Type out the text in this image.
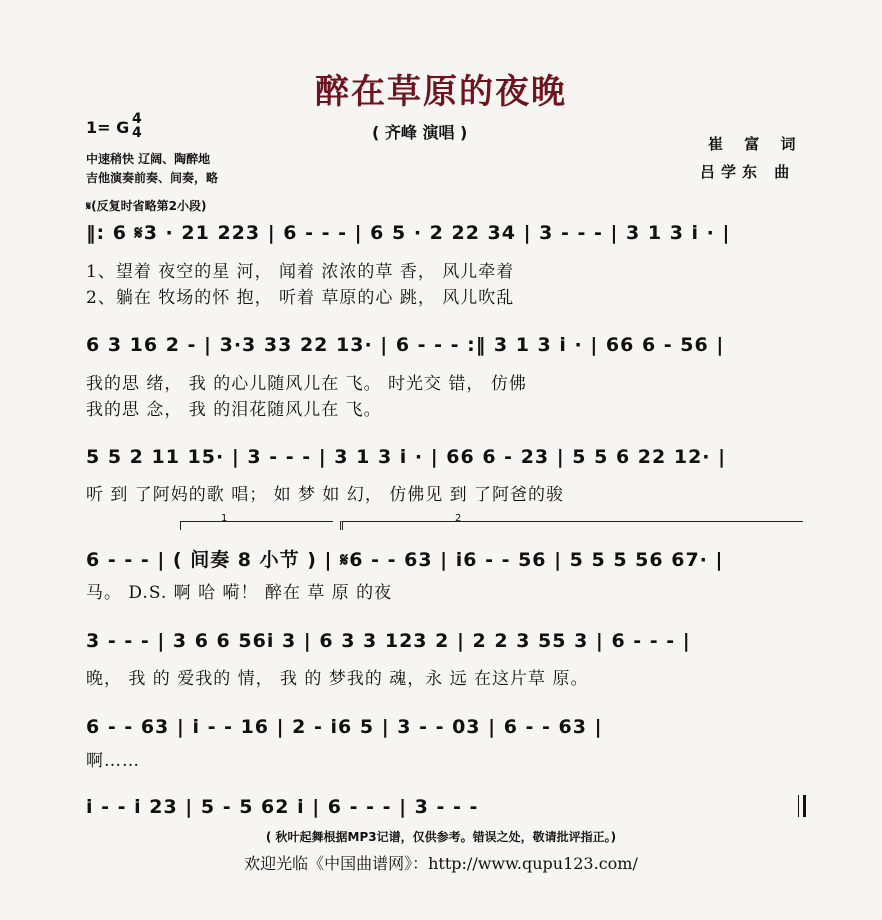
醉在草原的夜晚
1= G 4
4	( 齐峰 演唱 )
崔 富 词
吕学东 曲
中速稍快 辽阔、陶醉地
吉他演奏前奏、间奏，略
𝄋(反复时省略第2小段)
‖: 6 𝄋3 · 21 223 | 6 - - - | 6 5 · 2 22 34 | 3 - - - | 3 1 3 i · |
1、望着 夜空的星 河， 闻着 浓浓的草 香， 风儿牵着
2、躺在 牧场的怀 抱， 听着 草原的心 跳， 风儿吹乱
6 3 16 2 - | 3·3 33 22 13· | 6 - - - :‖ 3 1 3 i · | 66 6 - 56 |
我的思 绪， 我 的心儿随风儿在 飞。 时光交 错， 仿佛
我的思 念， 我 的泪花随风儿在 飞。
5 5 2 11 15· | 3 - - - | 3 1 3 i · | 66 6 - 23 | 5 5 6 22 12· |
听 到 了阿妈的歌 唱； 如 梦 如 幻， 仿佛见 到 了阿爸的骏
1	2
6 - - - | ( 间奏 8 小节 ) | 𝄋6 - - 63 | i6 - - 56 | 5 5 5 56 67· |
马。 D.S. 啊 哈 嗬！ 醉在 草 原 的夜
3 - - - | 3 6 6 56i 3 | 6 3 3 123 2 | 2 2 3 55 3 | 6 - - - |
晚， 我 的 爱我的 情， 我 的 梦我的 魂，永 远 在这片草 原。
6 - - 63 | i - - 16 | 2 - i6 5 | 3 - - 03 | 6 - - 63 |
啊……
i - - i 23 | 5 - 5 62 i | 6 - - - | 3 - - -
( 秋叶起舞根据MP3记谱，仅供参考。错误之处，敬请批评指正。)
欢迎光临《中国曲谱网》：http://www.qupu123.com/
